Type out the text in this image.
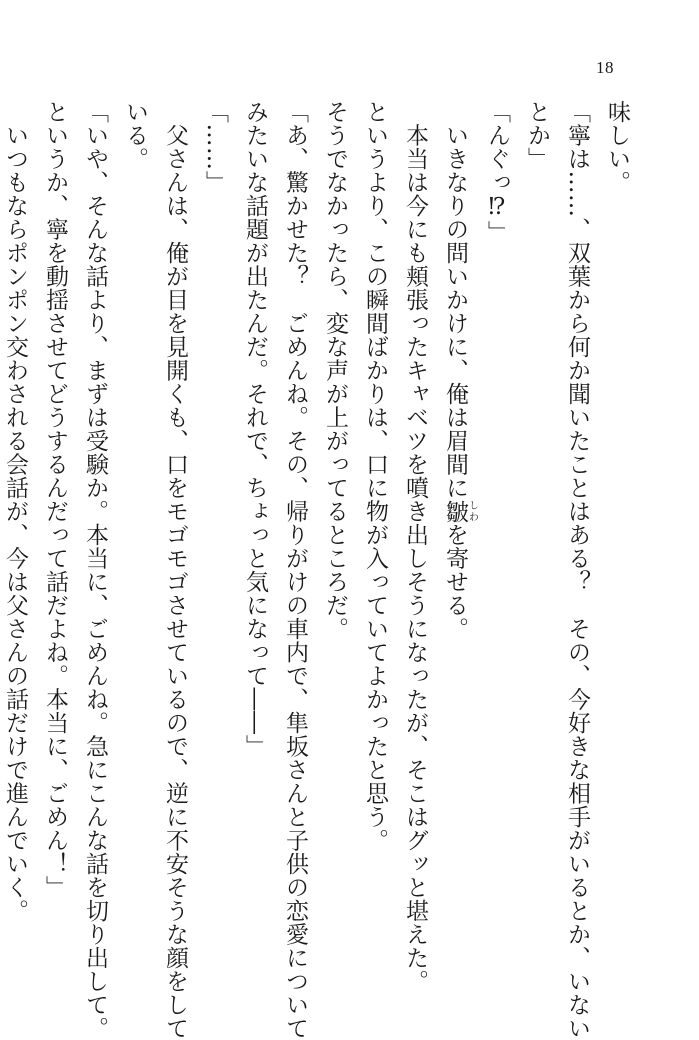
18
味しい。
「寧は……、双葉から何か聞いたことはある？　その、今好きな相手がいるとか、いない
とか」
「んぐっ⁉」
　いきなりの問いかけに、俺は眉間に皺しわを寄せる。
　本当は今にも頬張ったキャベツを噴き出しそうになったが、そこはグッと堪えた。
というより、この瞬間ばかりは、口に物が入っていてよかったと思う。
そうでなかったら、変な声が上がってるところだ。
「あ、驚かせた？　ごめんね。その、帰りがけの車内で、隼坂さんと子供の恋愛について
みたいな話題が出たんだ。それで、ちょっと気になって――」
「……」
　父さんは、俺が目を見開くも、口をモゴモゴさせているので、逆に不安そうな顔をして
いる。
「いや、そんな話より、まずは受験か。本当に、ごめんね。急にこんな話を切り出して。
というか、寧を動揺させてどうするんだって話だよね。本当に、ごめん！」
　いつもならポンポン交わされる会話が、今は父さんの話だけで進んでいく。
